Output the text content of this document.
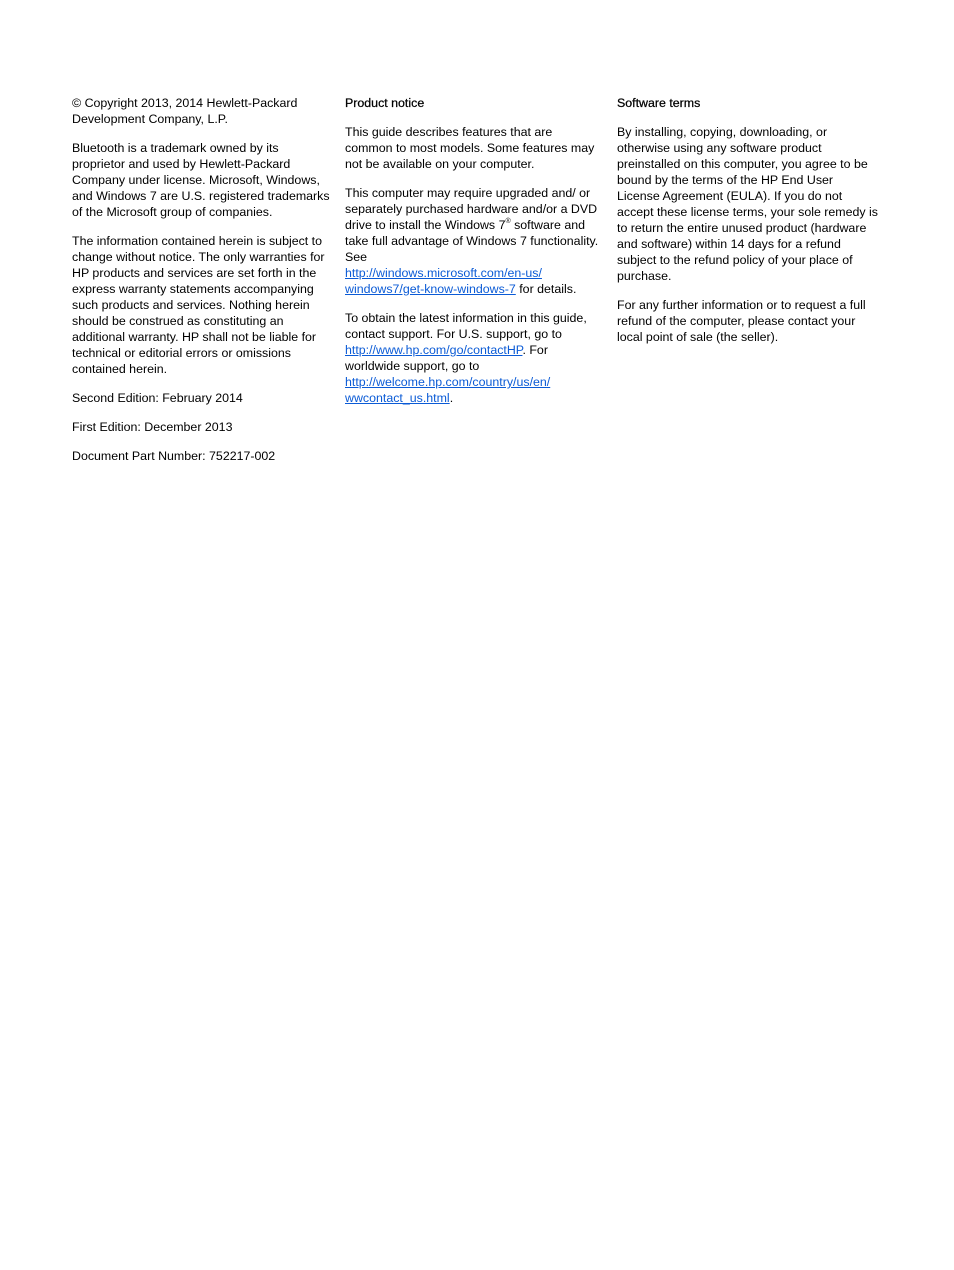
© Copyright 2013, 2014 Hewlett-Packard Development Company, L.P.

Bluetooth is a trademark owned by its proprietor and used by Hewlett-Packard Company under license. Microsoft, Windows, and Windows 7 are U.S. registered trademarks of the Microsoft group of companies.

The information contained herein is subject to change without notice. The only warranties for HP products and services are set forth in the express warranty statements accompanying such products and services. Nothing herein should be construed as constituting an additional warranty. HP shall not be liable for technical or editorial errors or omissions contained herein.

Second Edition: February 2014

First Edition: December 2013

Document Part Number: 752217-002

Product notice

This guide describes features that are common to most models. Some features may not be available on your computer.

This computer may require upgraded and/ or separately purchased hardware and/or a DVD drive to install the Windows 7® software and take full advantage of Windows 7 functionality. See
http://windows.microsoft.com/en-us/
windows7/get-know-windows-7 for details.

To obtain the latest information in this guide, contact support. For U.S. support, go to http://www.hp.com/go/contactHP. For worldwide support, go to
http://welcome.hp.com/country/us/en/
wwcontact_us.html.

Software terms

By installing, copying, downloading, or otherwise using any software product preinstalled on this computer, you agree to be bound by the terms of the HP End User License Agreement (EULA). If you do not accept these license terms, your sole remedy is to return the entire unused product (hardware and software) within 14 days for a refund subject to the refund policy of your place of purchase.

For any further information or to request a full refund of the computer, please contact your local point of sale (the seller).
